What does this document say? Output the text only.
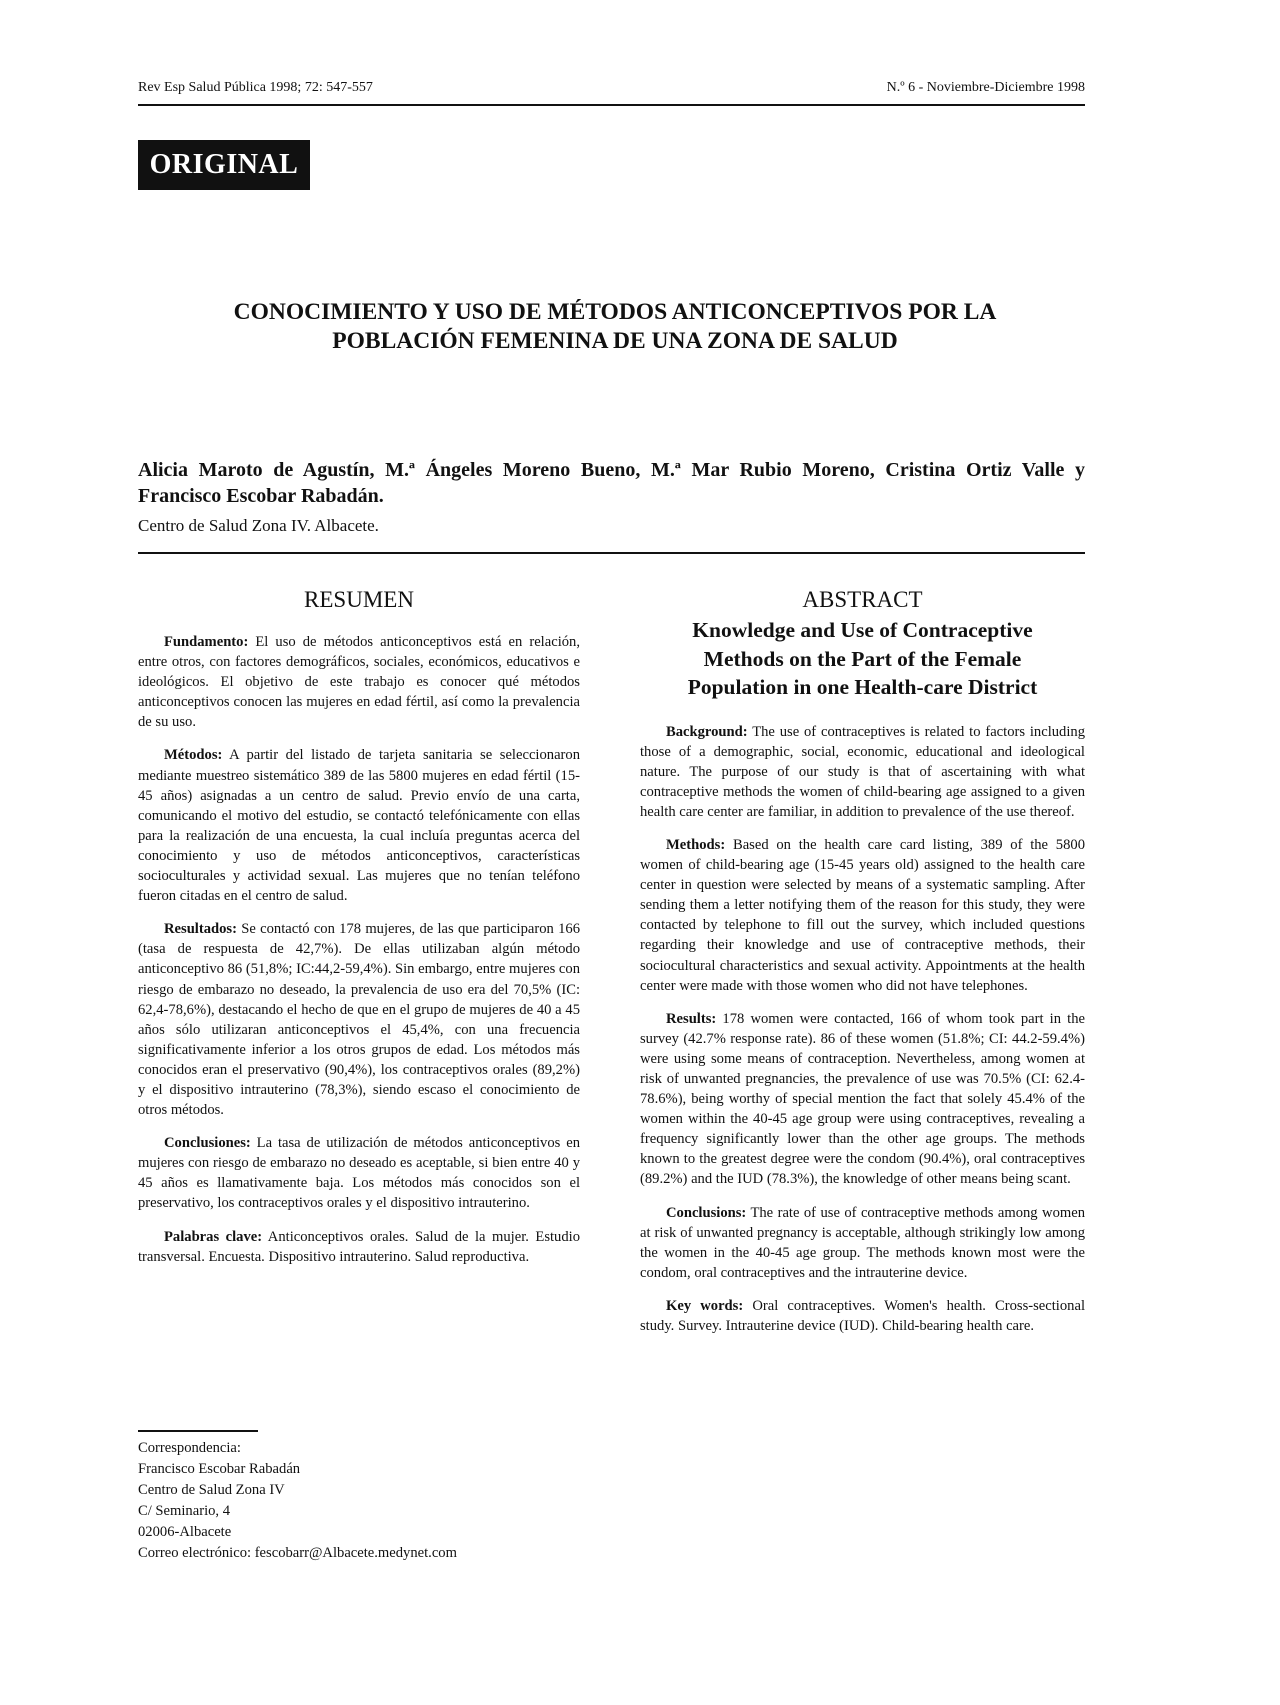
Rev Esp Salud Pública 1998; 72: 547-557	N.º 6 - Noviembre-Diciembre 1998
ORIGINAL
CONOCIMIENTO Y USO DE MÉTODOS ANTICONCEPTIVOS POR LA
POBLACIÓN FEMENINA DE UNA ZONA DE SALUD
Alicia Maroto de Agustín, M.ª Ángeles Moreno Bueno, M.ª Mar Rubio Moreno, Cristina Ortiz Valle y Francisco Escobar Rabadán.
Centro de Salud Zona IV. Albacete.
RESUMEN

Fundamento: El uso de métodos anticonceptivos está en relación, entre otros, con factores demográficos, sociales, económicos, educativos e ideológicos. El objetivo de este trabajo es conocer qué métodos anticonceptivos conocen las mujeres en edad fértil, así como la prevalencia de su uso.

Métodos: A partir del listado de tarjeta sanitaria se seleccionaron mediante muestreo sistemático 389 de las 5800 mujeres en edad fértil (15-45 años) asignadas a un centro de salud. Previo envío de una carta, comunicando el motivo del estudio, se contactó telefónicamente con ellas para la realización de una encuesta, la cual incluía preguntas acerca del conocimiento y uso de métodos anticonceptivos, características socioculturales y actividad sexual. Las mujeres que no tenían teléfono fueron citadas en el centro de salud.

Resultados: Se contactó con 178 mujeres, de las que participaron 166 (tasa de respuesta de 42,7%). De ellas utilizaban algún método anticonceptivo 86 (51,8%; IC:44,2-59,4%). Sin embargo, entre mujeres con riesgo de embarazo no deseado, la prevalencia de uso era del 70,5% (IC: 62,4-78,6%), destacando el hecho de que en el grupo de mujeres de 40 a 45 años sólo utilizaran anticonceptivos el 45,4%, con una frecuencia significativamente inferior a los otros grupos de edad. Los métodos más conocidos eran el preservativo (90,4%), los contraceptivos orales (89,2%) y el dispositivo intrauterino (78,3%), siendo escaso el conocimiento de otros métodos.

Conclusiones: La tasa de utilización de métodos anticonceptivos en mujeres con riesgo de embarazo no deseado es aceptable, si bien entre 40 y 45 años es llamativamente baja. Los métodos más conocidos son el preservativo, los contraceptivos orales y el dispositivo intrauterino.

Palabras clave: Anticonceptivos orales. Salud de la mujer. Estudio transversal. Encuesta. Dispositivo intrauterino. Salud reproductiva.

ABSTRACT
Knowledge and Use of Contraceptive
Methods on the Part of the Female
Population in one Health-care District

Background: The use of contraceptives is related to factors including those of a demographic, social, economic, educational and ideological nature. The purpose of our study is that of ascertaining with what contraceptive methods the women of child-bearing age assigned to a given health care center are familiar, in addition to prevalence of the use thereof.

Methods: Based on the health care card listing, 389 of the 5800 women of child-bearing age (15-45 years old) assigned to the health care center in question were selected by means of a systematic sampling. After sending them a letter notifying them of the reason for this study, they were contacted by telephone to fill out the survey, which included questions regarding their knowledge and use of contraceptive methods, their sociocultural characteristics and sexual activity. Appointments at the health center were made with those women who did not have telephones.

Results: 178 women were contacted, 166 of whom took part in the survey (42.7% response rate). 86 of these women (51.8%; CI: 44.2-59.4%) were using some means of contraception. Nevertheless, among women at risk of unwanted pregnancies, the prevalence of use was 70.5% (CI: 62.4-78.6%), being worthy of special mention the fact that solely 45.4% of the women within the 40-45 age group were using contraceptives, revealing a frequency significantly lower than the other age groups. The methods known to the greatest degree were the condom (90.4%), oral contraceptives (89.2%) and the IUD (78.3%), the knowledge of other means being scant.

Conclusions: The rate of use of contraceptive methods among women at risk of unwanted pregnancy is acceptable, although strikingly low among the women in the 40-45 age group. The methods known most were the condom, oral contraceptives and the intrauterine device.

Key words: Oral contraceptives. Women's health. Cross-sectional study. Survey. Intrauterine device (IUD). Child-bearing health care.

Correspondencia:
Francisco Escobar Rabadán
Centro de Salud Zona IV
C/ Seminario, 4
02006-Albacete
Correo electrónico: fescobarr@Albacete.medynet.com
